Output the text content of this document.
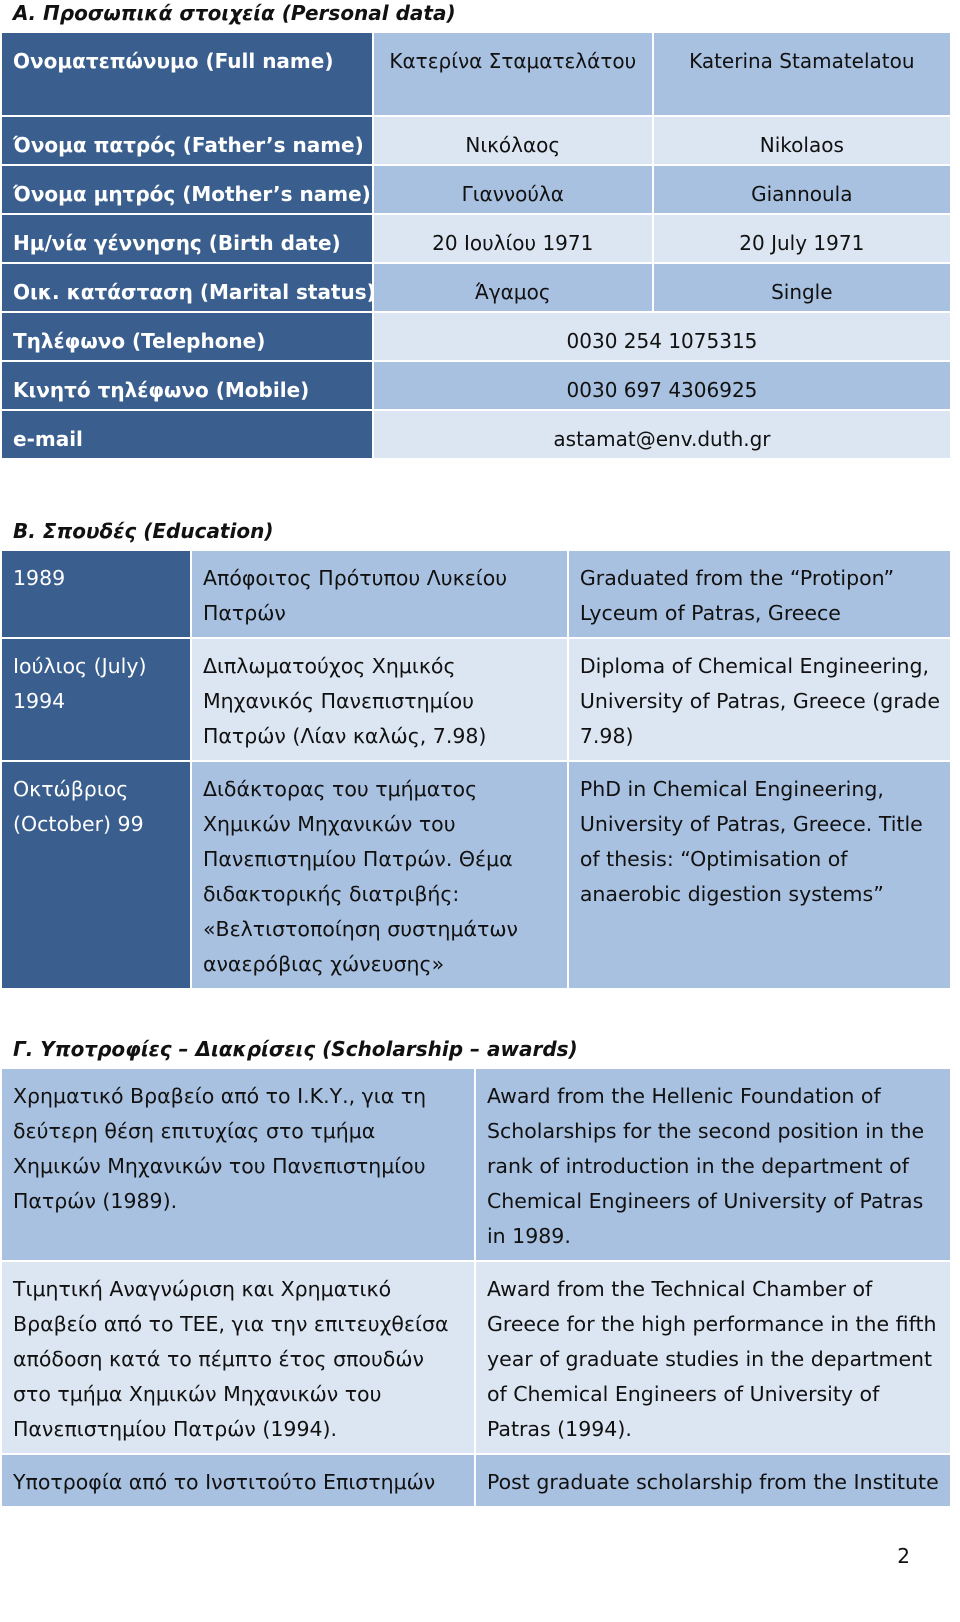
Α. Προσωπικά στοιχεία (Personal data)
Ονοματεπώνυμο (Full name)	Κατερίνα Σταματελάτου	Katerina Stamatelatou
Όνομα πατρός (Father’s name)	Νικόλαος	Nikolaos
Όνομα μητρός (Mother’s name)	Γιαννούλα	Giannoula
Ημ/νία γέννησης (Birth date)	20 Ιουλίου 1971	20 July 1971
Οικ. κατάσταση (Marital status)	Άγαμος	Single
Τηλέφωνο (Telephone)	0030 254 1075315	
Κινητό τηλέφωνο (Mobile)	0030 697 4306925	
e-mail	astamat@env.duth.gr	
Β. Σπουδές (Education)
1989	Απόφοιτος Πρότυπου Λυκείου Πατρών	Graduated from the “Protipon” Lyceum of Patras, Greece
Ιούλιος (July) 1994	Διπλωματούχος Χημικός Μηχανικός Πανεπιστημίου Πατρών (Λίαν καλώς, 7.98)	Diploma of Chemical Engineering, University of Patras, Greece (grade 7.98)
Οκτώβριος (October) 99	Διδάκτορας του τμήματος Χημικών Μηχανικών του Πανεπιστημίου Πατρών. Θέμα διδακτορικής διατριβής: «Βελτιστοποίηση συστημάτων αναερόβιας χώνευσης»	PhD in Chemical Engineering, University of Patras, Greece. Title of thesis: “Optimisation of anaerobic digestion systems”
Γ. Υποτροφίες – Διακρίσεις (Scholarship – awards)
Χρηματικό Βραβείο από το Ι.Κ.Υ., για τη δεύτερη θέση επιτυχίας στο τμήμα Χημικών Μηχανικών του Πανεπιστημίου Πατρών (1989).	Award from the Hellenic Foundation of Scholarships for the second position in the rank of introduction in the department of Chemical Engineers of University of Patras in 1989.
Τιμητική Αναγνώριση και Χρηματικό Βραβείο από το ΤΕΕ, για την επιτευχθείσα απόδοση κατά το πέμπτο έτος σπουδών στο τμήμα Χημικών Μηχανικών του Πανεπιστημίου Πατρών (1994).	Award from the Technical Chamber of Greece for the high performance in the fifth year of graduate studies in the department of Chemical Engineers of University of Patras (1994).
Υποτροφία από το Ινστιτούτο Επιστημών	Post graduate scholarship from the Institute
2
